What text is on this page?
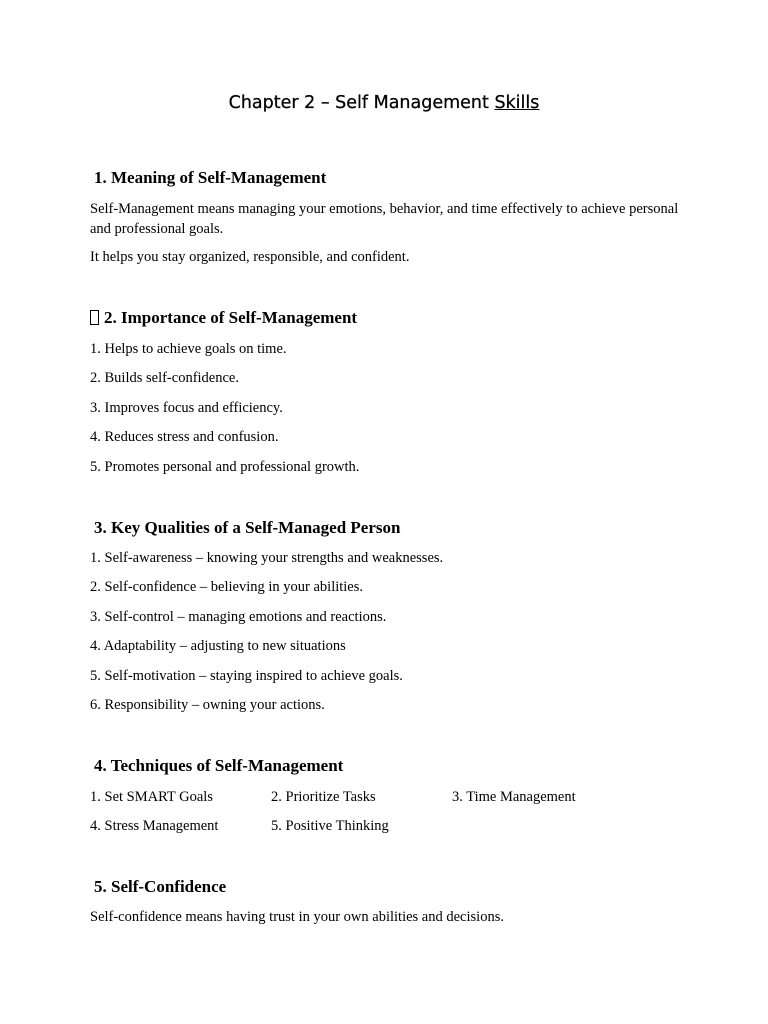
Chapter 2 – Self Management Skills
1. Meaning of Self-Management
Self-Management means managing your emotions, behavior, and time effectively to achieve personal and professional goals.
It helps you stay organized, responsible, and confident.
2. Importance of Self-Management
1. Helps to achieve goals on time.
2. Builds self-confidence.
3. Improves focus and efficiency.
4. Reduces stress and confusion.
5. Promotes personal and professional growth.
3. Key Qualities of a Self-Managed Person
1. Self-awareness – knowing your strengths and weaknesses.
2. Self-confidence – believing in your abilities.
3. Self-control – managing emotions and reactions.
4. Adaptability – adjusting to new situations
5. Self-motivation – staying inspired to achieve goals.
6. Responsibility – owning your actions.
4. Techniques of Self-Management
1. Set SMART Goals	2. Prioritize Tasks	3. Time Management
4. Stress Management	5. Positive Thinking
5. Self-Confidence
Self-confidence means having trust in your own abilities and decisions.
